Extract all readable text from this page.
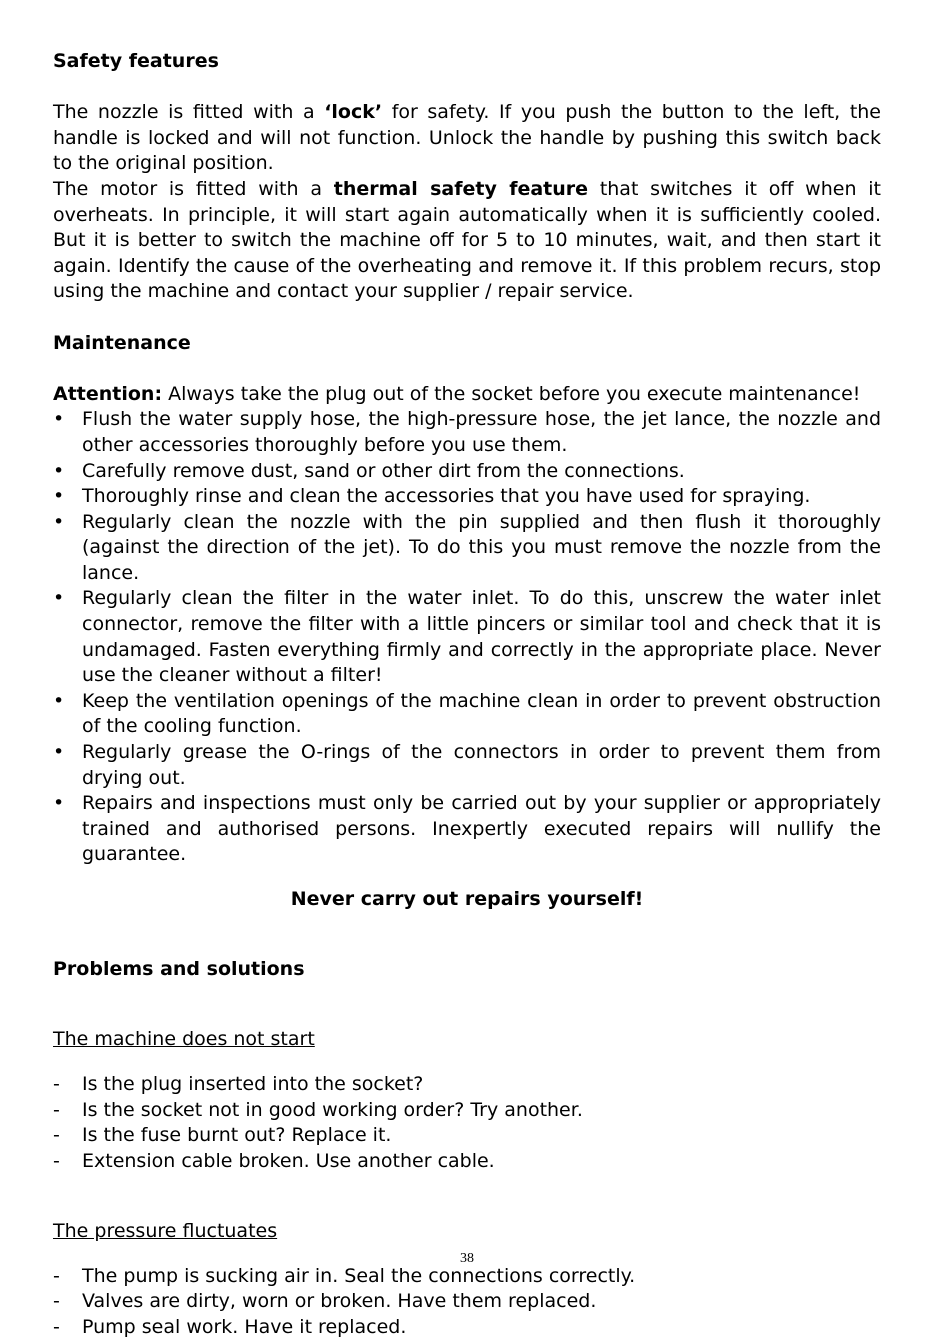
Safety features

The nozzle is fitted with a ‘lock’ for safety. If you push the button to the left, the handle is locked and will not function. Unlock the handle by pushing this switch back to the original position.

The motor is fitted with a thermal safety feature that switches it off when it overheats. In principle, it will start again automatically when it is sufficiently cooled. But it is better to switch the machine off for 5 to 10 minutes, wait, and then start it again. Identify the cause of the overheating and remove it. If this problem recurs, stop using the machine and contact your supplier / repair service.

Maintenance

Attention: Always take the plug out of the socket before you execute maintenance!

• Flush the water supply hose, the high-pressure hose, the jet lance, the nozzle and other accessories thoroughly before you use them.
• Carefully remove dust, sand or other dirt from the connections.
• Thoroughly rinse and clean the accessories that you have used for spraying.
• Regularly clean the nozzle with the pin supplied and then flush it thoroughly (against the direction of the jet). To do this you must remove the nozzle from the lance.
• Regularly clean the filter in the water inlet. To do this, unscrew the water inlet connector, remove the filter with a little pincers or similar tool and check that it is undamaged. Fasten everything firmly and correctly in the appropriate place. Never use the cleaner without a filter!
• Keep the ventilation openings of the machine clean in order to prevent obstruction of the cooling function.
• Regularly grease the O-rings of the connectors in order to prevent them from drying out.
• Repairs and inspections must only be carried out by your supplier or appropriately trained and authorised persons. Inexpertly executed repairs will nullify the guarantee.

Never carry out repairs yourself!

Problems and solutions

The machine does not start

- Is the plug inserted into the socket?
- Is the socket not in good working order? Try another.
- Is the fuse burnt out? Replace it.
- Extension cable broken. Use another cable.

The pressure fluctuates

- The pump is sucking air in. Seal the connections correctly.
- Valves are dirty, worn or broken. Have them replaced.
- Pump seal work. Have it replaced.
38
